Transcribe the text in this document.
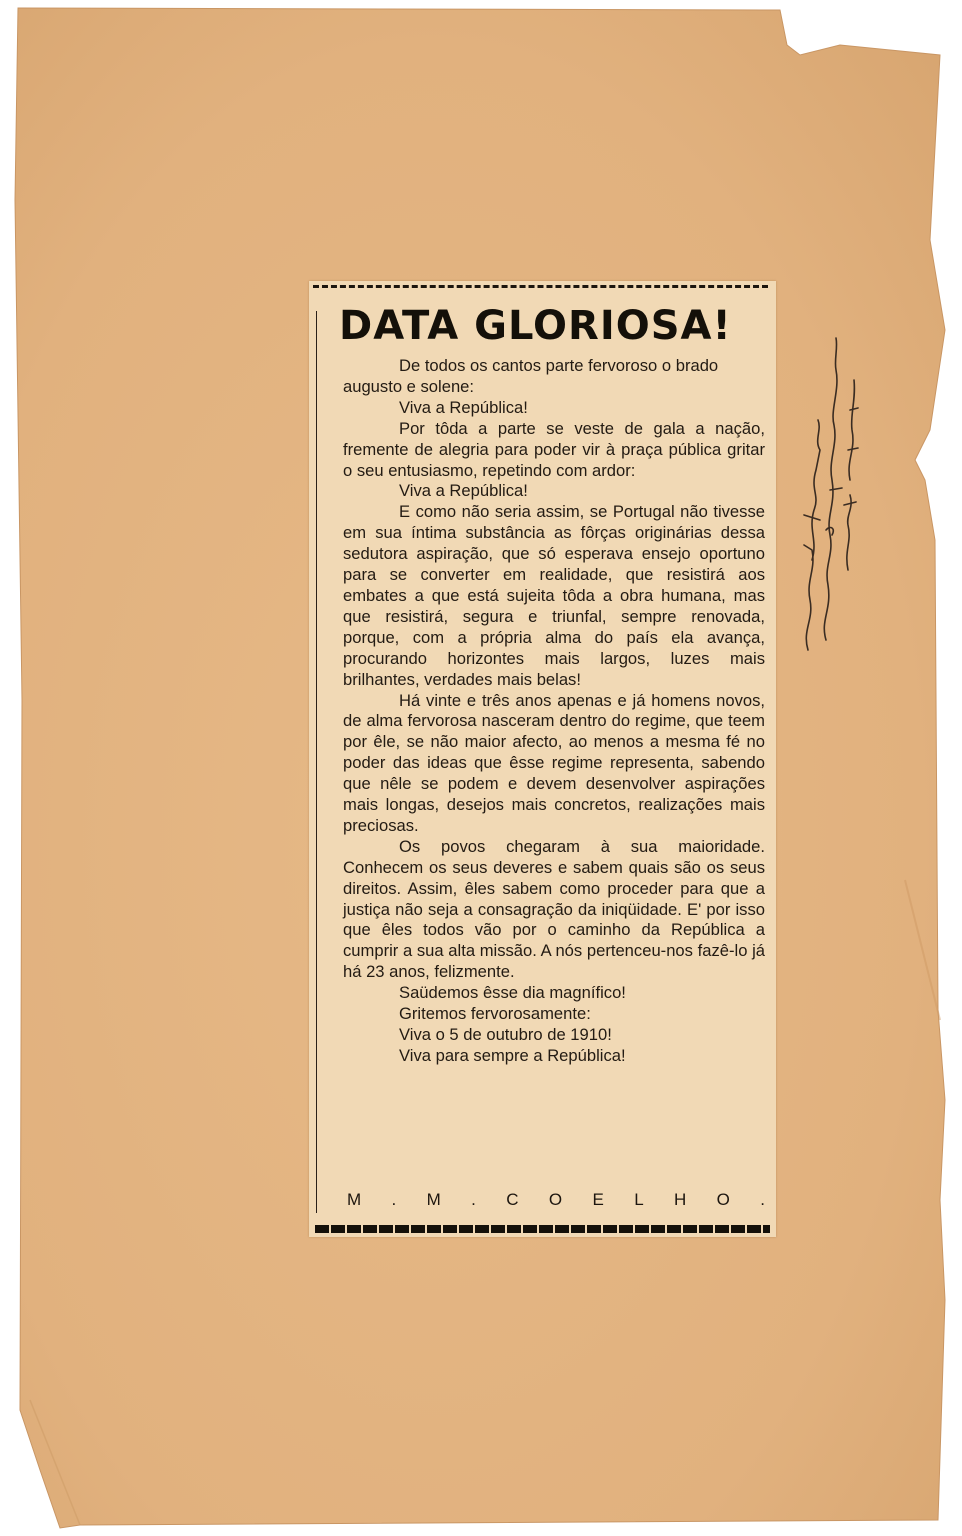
DATA GLORIOSA!

De todos os cantos parte fervoroso o brado augusto e solene:

Viva a República!

Por tôda a parte se veste de gala a nação, fremente de alegria para poder vir à praça pública gritar o seu entusiasmo, repetindo com ardor:

Viva a República!

E como não seria assim, se Portugal não tivesse em sua íntima substância as fôrças originárias dessa sedutora aspiração, que só esperava ensejo oportuno para se converter em realidade, que resistirá aos embates a que está sujeita tôda a obra humana, mas que resistirá, segura e triunfal, sempre renovada, porque, com a própria alma do país ela avança, procurando horizontes mais largos, luzes mais brilhantes, verdades mais belas!

Há vinte e três anos apenas e já homens novos, de alma fervorosa nasceram dentro do regime, que teem por êle, se não maior afecto, ao menos a mesma fé no poder das ideas que êsse regime representa, sabendo que nêle se podem e devem desenvolver aspirações mais longas, desejos mais concretos, realizações mais preciosas.

Os povos chegaram à sua maioridade. Conhecem os seus deveres e sabem quais são os seus direitos. Assim, êles sabem como proceder para que a justiça não seja a consagração da iniqüidade. E' por isso que êles todos vão por o caminho da República a cumprir a sua alta missão. A nós pertenceu-nos fazê-lo já há 23 anos, felizmente.

Saüdemos êsse dia magnífico!
Gritemos fervorosamente:
Viva o 5 de outubro de 1910!
Viva para sempre a República!
M . M . C O E L H O .
